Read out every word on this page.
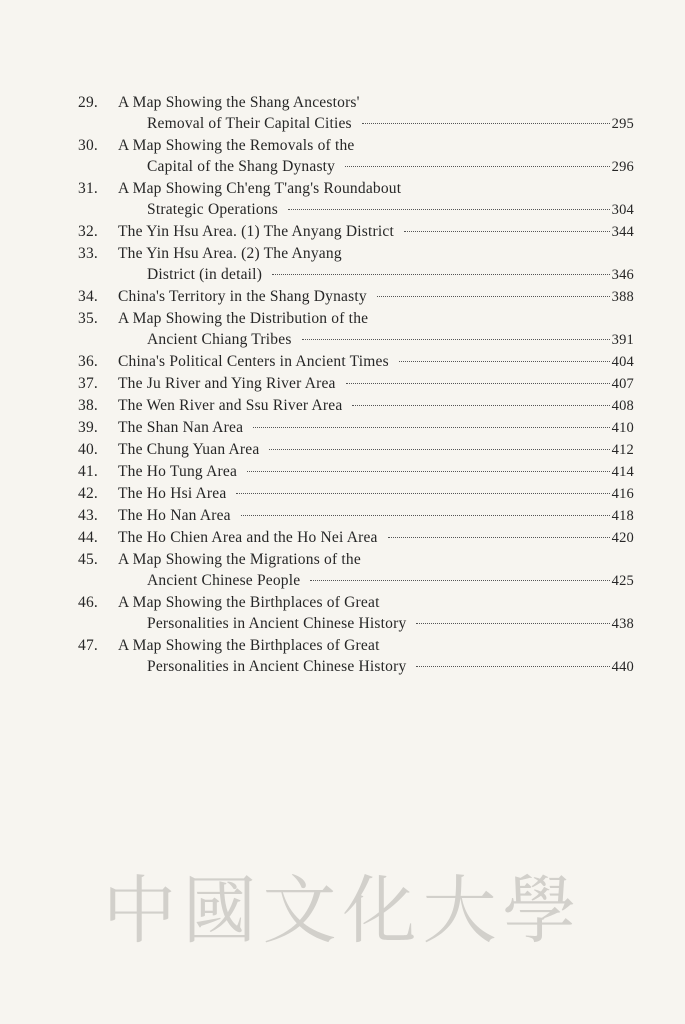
29.	A Map Showing the Shang Ancestors'
Removal of Their Capital Cities	295
30.	A Map Showing the Removals of the
Capital of the Shang Dynasty	296
31.	A Map Showing Ch'eng T'ang's Roundabout
Strategic Operations	304
32.	The Yin Hsu Area. (1) The Anyang District	344
33.	The Yin Hsu Area. (2) The Anyang
District (in detail)	346
34.	China's Territory in the Shang Dynasty	388
35.	A Map Showing the Distribution of the
Ancient Chiang Tribes	391
36.	China's Political Centers in Ancient Times	404
37.	The Ju River and Ying River Area	407
38.	The Wen River and Ssu River Area	408
39.	The Shan Nan Area	410
40.	The Chung Yuan Area	412
41.	The Ho Tung Area	414
42.	The Ho Hsi Area	416
43.	The Ho Nan Area	418
44.	The Ho Chien Area and the Ho Nei Area	420
45.	A Map Showing the Migrations of the
Ancient Chinese People	425
46.	A Map Showing the Birthplaces of Great
Personalities in Ancient Chinese History	438
47.	A Map Showing the Birthplaces of Great
Personalities in Ancient Chinese History	440
中國文化大學
